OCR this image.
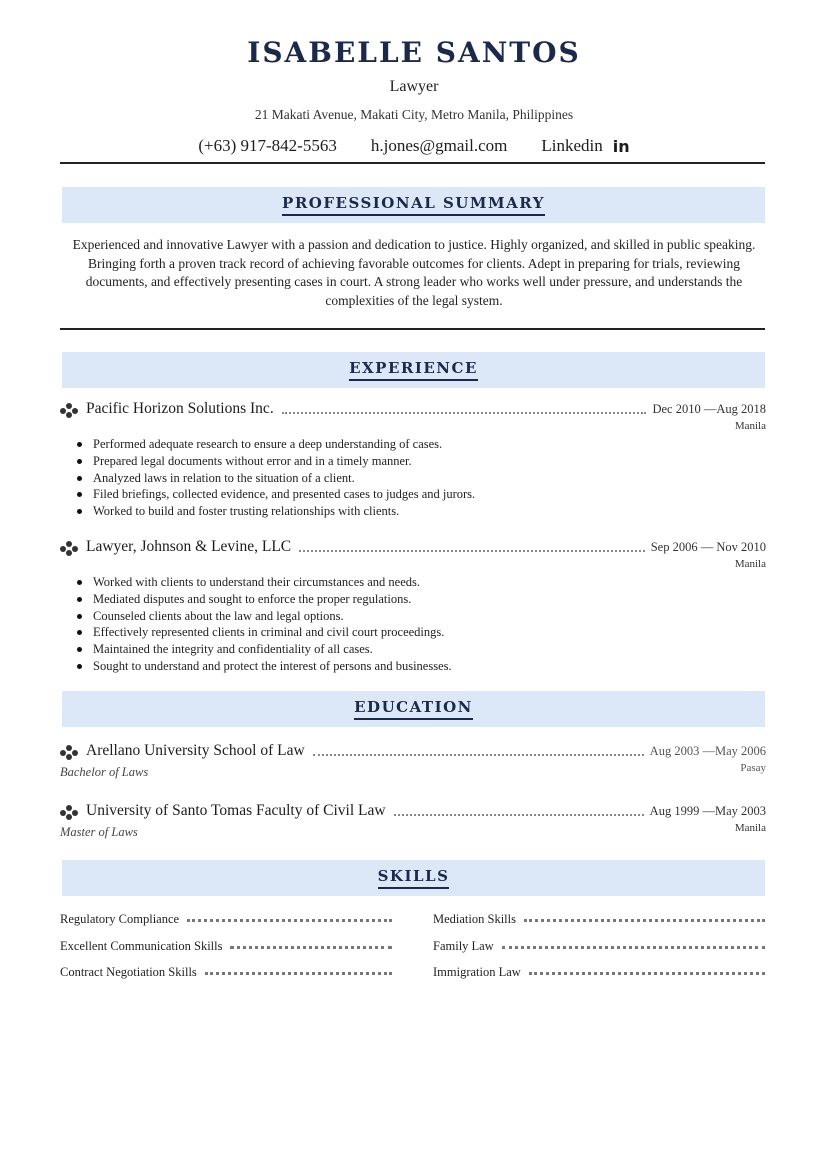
ISABELLE SANTOS
Lawyer
21 Makati Avenue, Makati City, Metro Manila, Philippines
(+63) 917-842-5563 h.jones@gmail.com Linkedin in
PROFESSIONAL SUMMARY
Experienced and innovative Lawyer with a passion and dedication to justice. Highly organized, and skilled in public speaking. Bringing forth a proven track record of achieving favorable outcomes for clients. Adept in preparing for trials, reviewing documents, and effectively presenting cases in court. A strong leader who works well under pressure, and understands the complexities of the legal system.
EXPERIENCE
Pacific Horizon Solutions Inc.	Dec 2010 —Aug 2018
Manila
Performed adequate research to ensure a deep understanding of cases.
Prepared legal documents without error and in a timely manner.
Analyzed laws in relation to the situation of a client.
Filed briefings, collected evidence, and presented cases to judges and jurors.
Worked to build and foster trusting relationships with clients.
Lawyer, Johnson & Levine, LLC	Sep 2006 — Nov 2010
Manila
Worked with clients to understand their circumstances and needs.
Mediated disputes and sought to enforce the proper regulations.
Counseled clients about the law and legal options.
Effectively represented clients in criminal and civil court proceedings.
Maintained the integrity and confidentiality of all cases.
Sought to understand and protect the interest of persons and businesses.
EDUCATION
Arellano University School of Law	Aug 2003 —May 2006
Pasay
Bachelor of Laws
University of Santo Tomas Faculty of Civil Law	Aug 1999 —May 2003
Manila
Master of Laws
SKILLS
Regulatory Compliance
Excellent Communication Skills
Contract Negotiation Skills
Mediation Skills
Family Law
Immigration Law
